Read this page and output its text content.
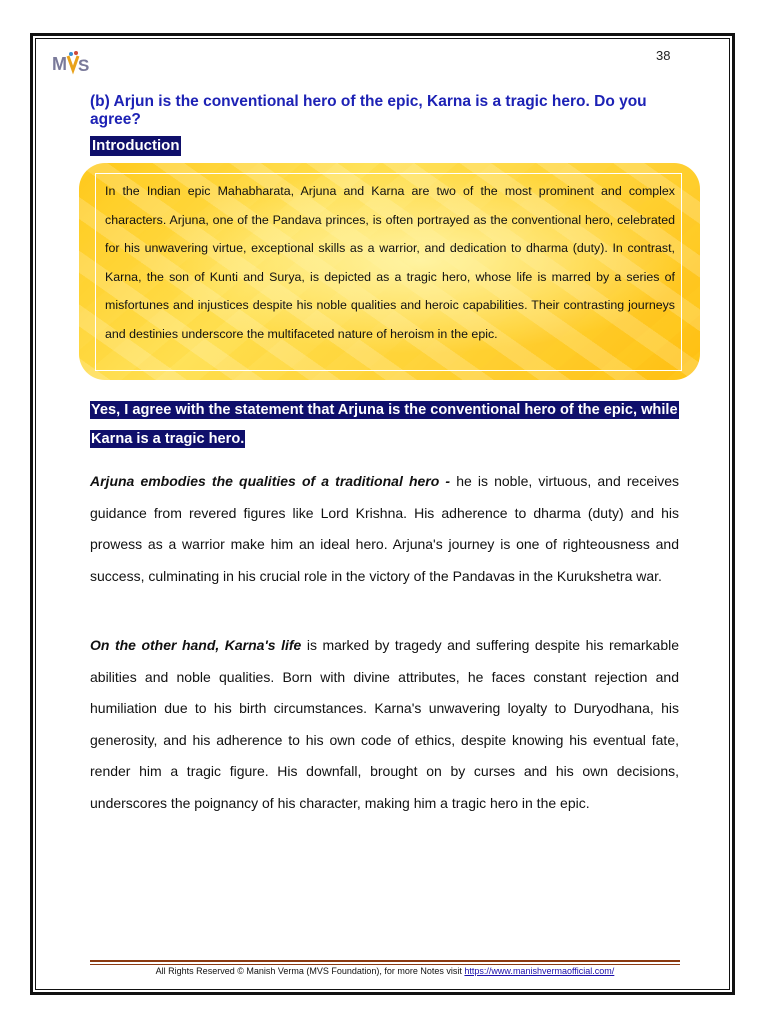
M S
38
(b) Arjun is the conventional hero of the epic, Karna is a tragic hero. Do you agree?
Introduction
In the Indian epic Mahabharata, Arjuna and Karna are two of the most prominent and complex characters. Arjuna, one of the Pandava princes, is often portrayed as the conventional hero, celebrated for his unwavering virtue, exceptional skills as a warrior, and dedication to dharma (duty). In contrast, Karna, the son of Kunti and Surya, is depicted as a tragic hero, whose life is marred by a series of misfortunes and injustices despite his noble qualities and heroic capabilities. Their contrasting journeys and destinies underscore the multifaceted nature of heroism in the epic.
Yes, I agree with the statement that Arjuna is the conventional hero of the epic, while
Karna is a tragic hero.
Arjuna embodies the qualities of a traditional hero - he is noble, virtuous, and receives guidance from revered figures like Lord Krishna. His adherence to dharma (duty) and his prowess as a warrior make him an ideal hero. Arjuna's journey is one of righteousness and success, culminating in his crucial role in the victory of the Pandavas in the Kurukshetra war.
On the other hand, Karna's life is marked by tragedy and suffering despite his remarkable abilities and noble qualities. Born with divine attributes, he faces constant rejection and humiliation due to his birth circumstances. Karna's unwavering loyalty to Duryodhana, his generosity, and his adherence to his own code of ethics, despite knowing his eventual fate, render him a tragic figure. His downfall, brought on by curses and his own decisions, underscores the poignancy of his character, making him a tragic hero in the epic.
All Rights Reserved © Manish Verma (MVS Foundation), for more Notes visit https://www.manishvermaofficial.com/
